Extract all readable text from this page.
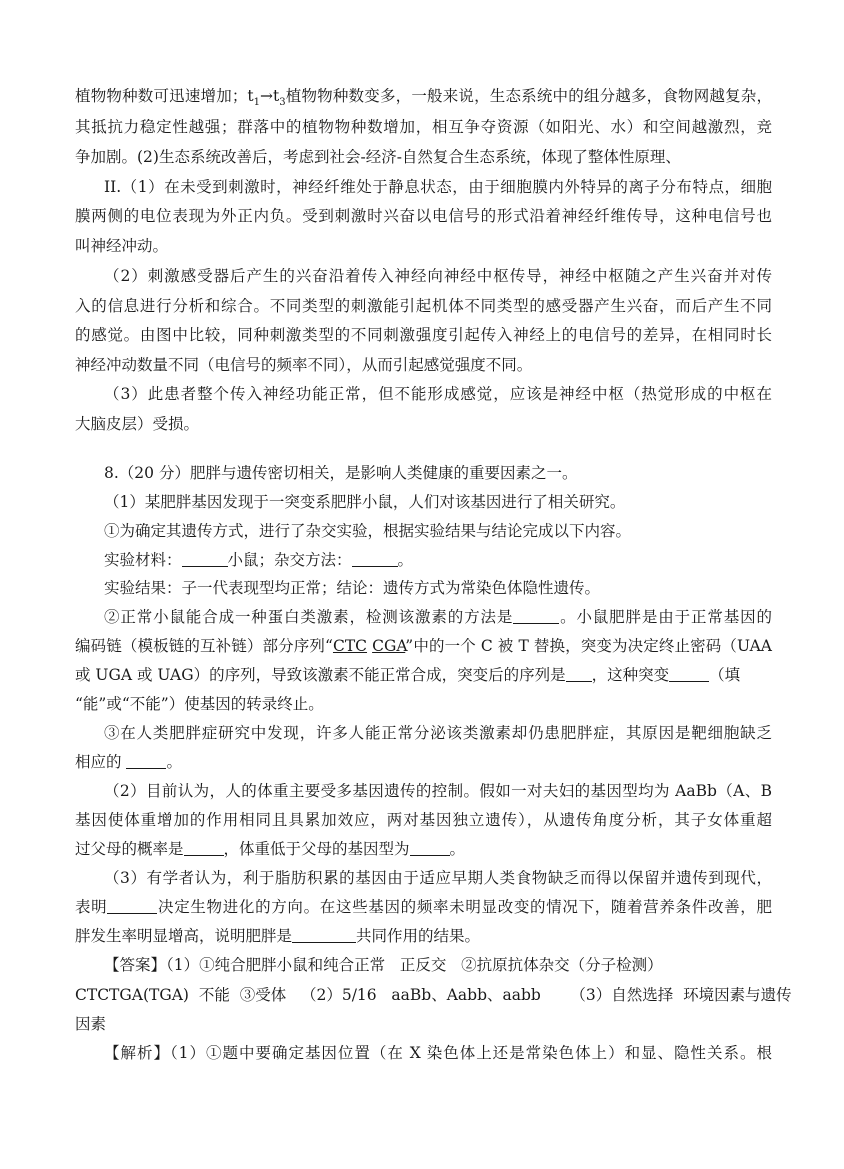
植物物种数可迅速增加；$t_1\to t_3$植物物种数变多，一般来说，生态系统中的组分越多，食物网越复杂，
其抵抗力稳定性越强；群落中的植物物种数增加，相互争夺资源（如阳光、水）和空间越激烈，竞
争加剧。(2)生态系统改善后，考虑到社会-经济-自然复合生态系统，体现了整体性原理、
II.（1）在未受到刺激时，神经纤维处于静息状态，由于细胞膜内外特异的离子分布特点，细胞
膜两侧的电位表现为外正内负。受到刺激时兴奋以电信号的形式沿着神经纤维传导，这种电信号也
叫神经冲动。
（2）刺激感受器后产生的兴奋沿着传入神经向神经中枢传导，神经中枢随之产生兴奋并对传
入的信息进行分析和综合。不同类型的刺激能引起机体不同类型的感受器产生兴奋，而后产生不同
的感觉。由图中比较，同种刺激类型的不同刺激强度引起传入神经上的电信号的差异，在相同时长
神经冲动数量不同（电信号的频率不同），从而引起感觉强度不同。
（3）此患者整个传入神经功能正常，但不能形成感觉，应该是神经中枢（热觉形成的中枢在
大脑皮层）受损。
8.（20 分）肥胖与遗传密切相关，是影响人类健康的重要因素之一。
（1）某肥胖基因发现于一突变系肥胖小鼠，人们对该基因进行了相关研究。
①为确定其遗传方式，进行了杂交实验，根据实验结果与结论完成以下内容。
实验材料：	小鼠；杂交方法：	。
实验结果：子一代表现型均正常；结论：遗传方式为常染色体隐性遗传。
②正常小鼠能合成一种蛋白类激素，检测该激素的方法是	。小鼠肥胖是由于正常基因的
编码链（模板链的互补链）部分序列“CTC CGA”中的一个 C 被 T 替换，突变为决定终止密码（UAA
或 UGA 或 UAG）的序列，导致该激素不能正常合成，突变后的序列是 ，这种突变	（填
“能”或“不能”）使基因的转录终止。
③在人类肥胖症研究中发现，许多人能正常分泌该类激素却仍患肥胖症，其原因是靶细胞缺乏
相应的	。
（2）目前认为，人的体重主要受多基因遗传的控制。假如一对夫妇的基因型均为 AaBb（A、B
基因使体重增加的作用相同且具累加效应，两对基因独立遗传），从遗传角度分析，其子女体重超
过父母的概率是	，体重低于父母的基因型为	。
（3）有学者认为，利于脂肪积累的基因由于适应早期人类食物缺乏而得以保留并遗传到现代，
表明	决定生物进化的方向。在这些基因的频率未明显改变的情况下，随着营养条件改善，肥
胖发生率明显增高，说明肥胖是	共同作用的结果。
【答案】（1）①纯合肥胖小鼠和纯合正常   正反交   ②抗原抗体杂交（分子检测）
CTCTGA(TGA)  不能  ③受体   （2）5/16   aaBb、Aabb、aabb      （3）自然选择  环境因素与遗传
因素
【解析】（1）①题中要确定基因位置（在 X 染色体上还是常染色体上）和显、隐性关系。根
